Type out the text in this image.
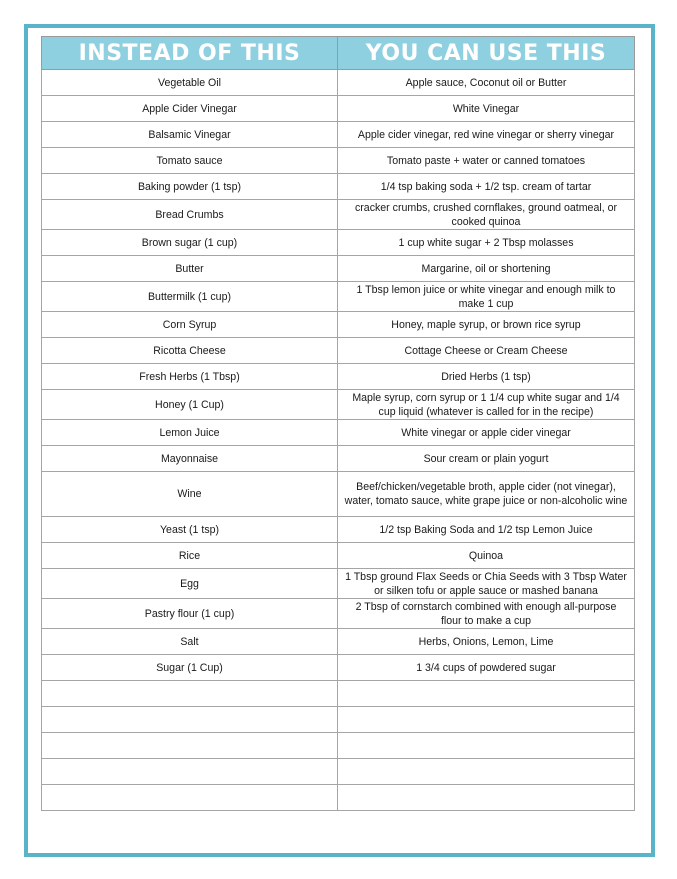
INSTEAD OF THIS	YOU CAN USE THIS
Vegetable Oil	Apple sauce, Coconut oil or Butter
Apple Cider Vinegar	White Vinegar
Balsamic Vinegar	Apple cider vinegar, red wine vinegar or sherry vinegar
Tomato sauce	Tomato paste + water or canned tomatoes
Baking powder (1 tsp)	1/4 tsp baking soda + 1/2 tsp. cream of tartar
Bread Crumbs	cracker crumbs, crushed cornflakes, ground oatmeal, or cooked quinoa
Brown sugar (1 cup)	1 cup white sugar + 2 Tbsp molasses
Butter	Margarine, oil or shortening
Buttermilk (1 cup)	1 Tbsp lemon juice or white vinegar and enough milk to make 1 cup
Corn Syrup	Honey, maple syrup, or brown rice syrup
Ricotta Cheese	Cottage Cheese or Cream Cheese
Fresh Herbs (1 Tbsp)	Dried Herbs (1 tsp)
Honey (1 Cup)	Maple syrup, corn syrup or 1 1/4 cup white sugar and 1/4 cup liquid (whatever is called for in the recipe)
Lemon Juice	White vinegar or apple cider vinegar
Mayonnaise	Sour cream or plain yogurt
Wine	Beef/chicken/vegetable broth, apple cider (not vinegar), water, tomato sauce, white grape juice or non-alcoholic wine
Yeast (1 tsp)	1/2 tsp Baking Soda and 1/2 tsp Lemon Juice
Rice	Quinoa
Egg	1 Tbsp ground Flax Seeds or Chia Seeds with 3 Tbsp Water or silken tofu or apple sauce or mashed banana
Pastry flour (1 cup)	2 Tbsp of cornstarch combined with enough all-purpose flour to make a cup
Salt	Herbs, Onions, Lemon, Lime
Sugar (1 Cup)	1 3/4 cups of powdered sugar
